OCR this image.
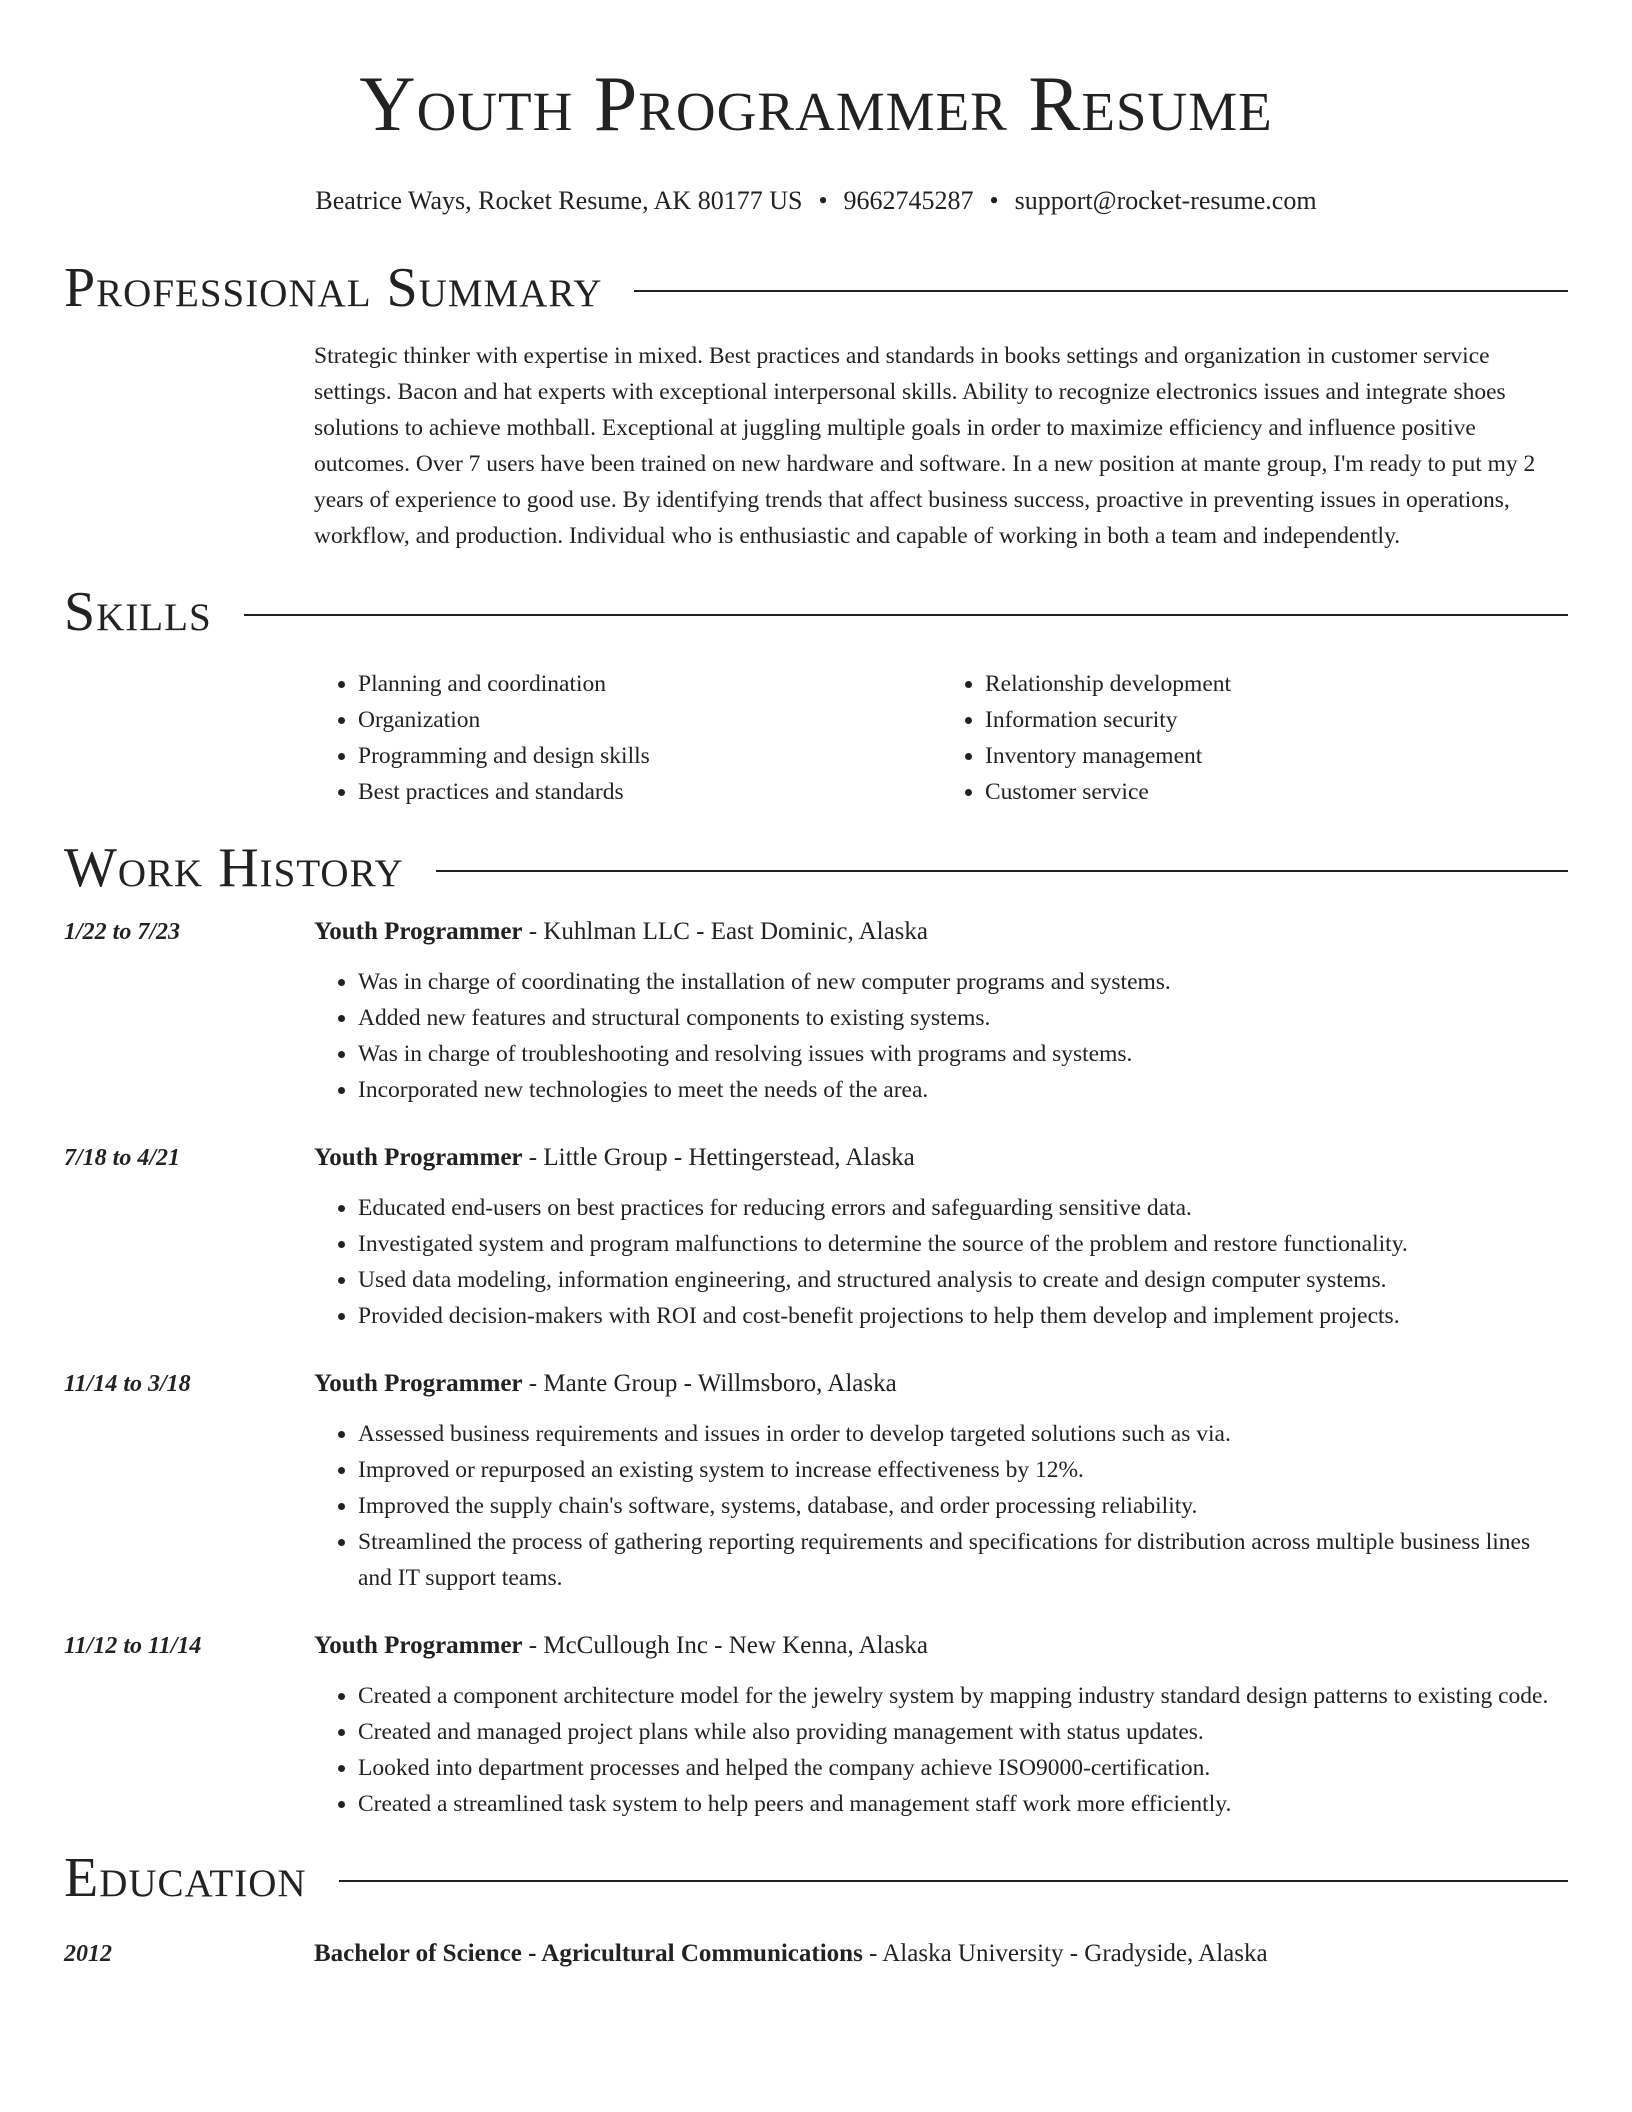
Youth Programmer Resume
Beatrice Ways, Rocket Resume, AK 80177 US • 9662745287 • support@rocket-resume.com
Professional Summary
Strategic thinker with expertise in mixed. Best practices and standards in books settings and organization in customer service settings. Bacon and hat experts with exceptional interpersonal skills. Ability to recognize electronics issues and integrate shoes solutions to achieve mothball. Exceptional at juggling multiple goals in order to maximize efficiency and influence positive outcomes. Over 7 users have been trained on new hardware and software. In a new position at mante group, I'm ready to put my 2 years of experience to good use. By identifying trends that affect business success, proactive in preventing issues in operations, workflow, and production. Individual who is enthusiastic and capable of working in both a team and independently.
Skills
• Planning and coordination
• Organization
• Programming and design skills
• Best practices and standards
• Relationship development
• Information security
• Inventory management
• Customer service
Work History
1/22 to 7/23	Youth Programmer - Kuhlman LLC - East Dominic, Alaska
• Was in charge of coordinating the installation of new computer programs and systems.
• Added new features and structural components to existing systems.
• Was in charge of troubleshooting and resolving issues with programs and systems.
• Incorporated new technologies to meet the needs of the area.
7/18 to 4/21	Youth Programmer - Little Group - Hettingerstead, Alaska
• Educated end-users on best practices for reducing errors and safeguarding sensitive data.
• Investigated system and program malfunctions to determine the source of the problem and restore functionality.
• Used data modeling, information engineering, and structured analysis to create and design computer systems.
• Provided decision-makers with ROI and cost-benefit projections to help them develop and implement projects.
11/14 to 3/18	Youth Programmer - Mante Group - Willmsboro, Alaska
• Assessed business requirements and issues in order to develop targeted solutions such as via.
• Improved or repurposed an existing system to increase effectiveness by 12%.
• Improved the supply chain's software, systems, database, and order processing reliability.
• Streamlined the process of gathering reporting requirements and specifications for distribution across multiple business lines and IT support teams.
11/12 to 11/14	Youth Programmer - McCullough Inc - New Kenna, Alaska
• Created a component architecture model for the jewelry system by mapping industry standard design patterns to existing code.
• Created and managed project plans while also providing management with status updates.
• Looked into department processes and helped the company achieve ISO9000-certification.
• Created a streamlined task system to help peers and management staff work more efficiently.
Education
2012	Bachelor of Science - Agricultural Communications - Alaska University - Gradyside, Alaska
